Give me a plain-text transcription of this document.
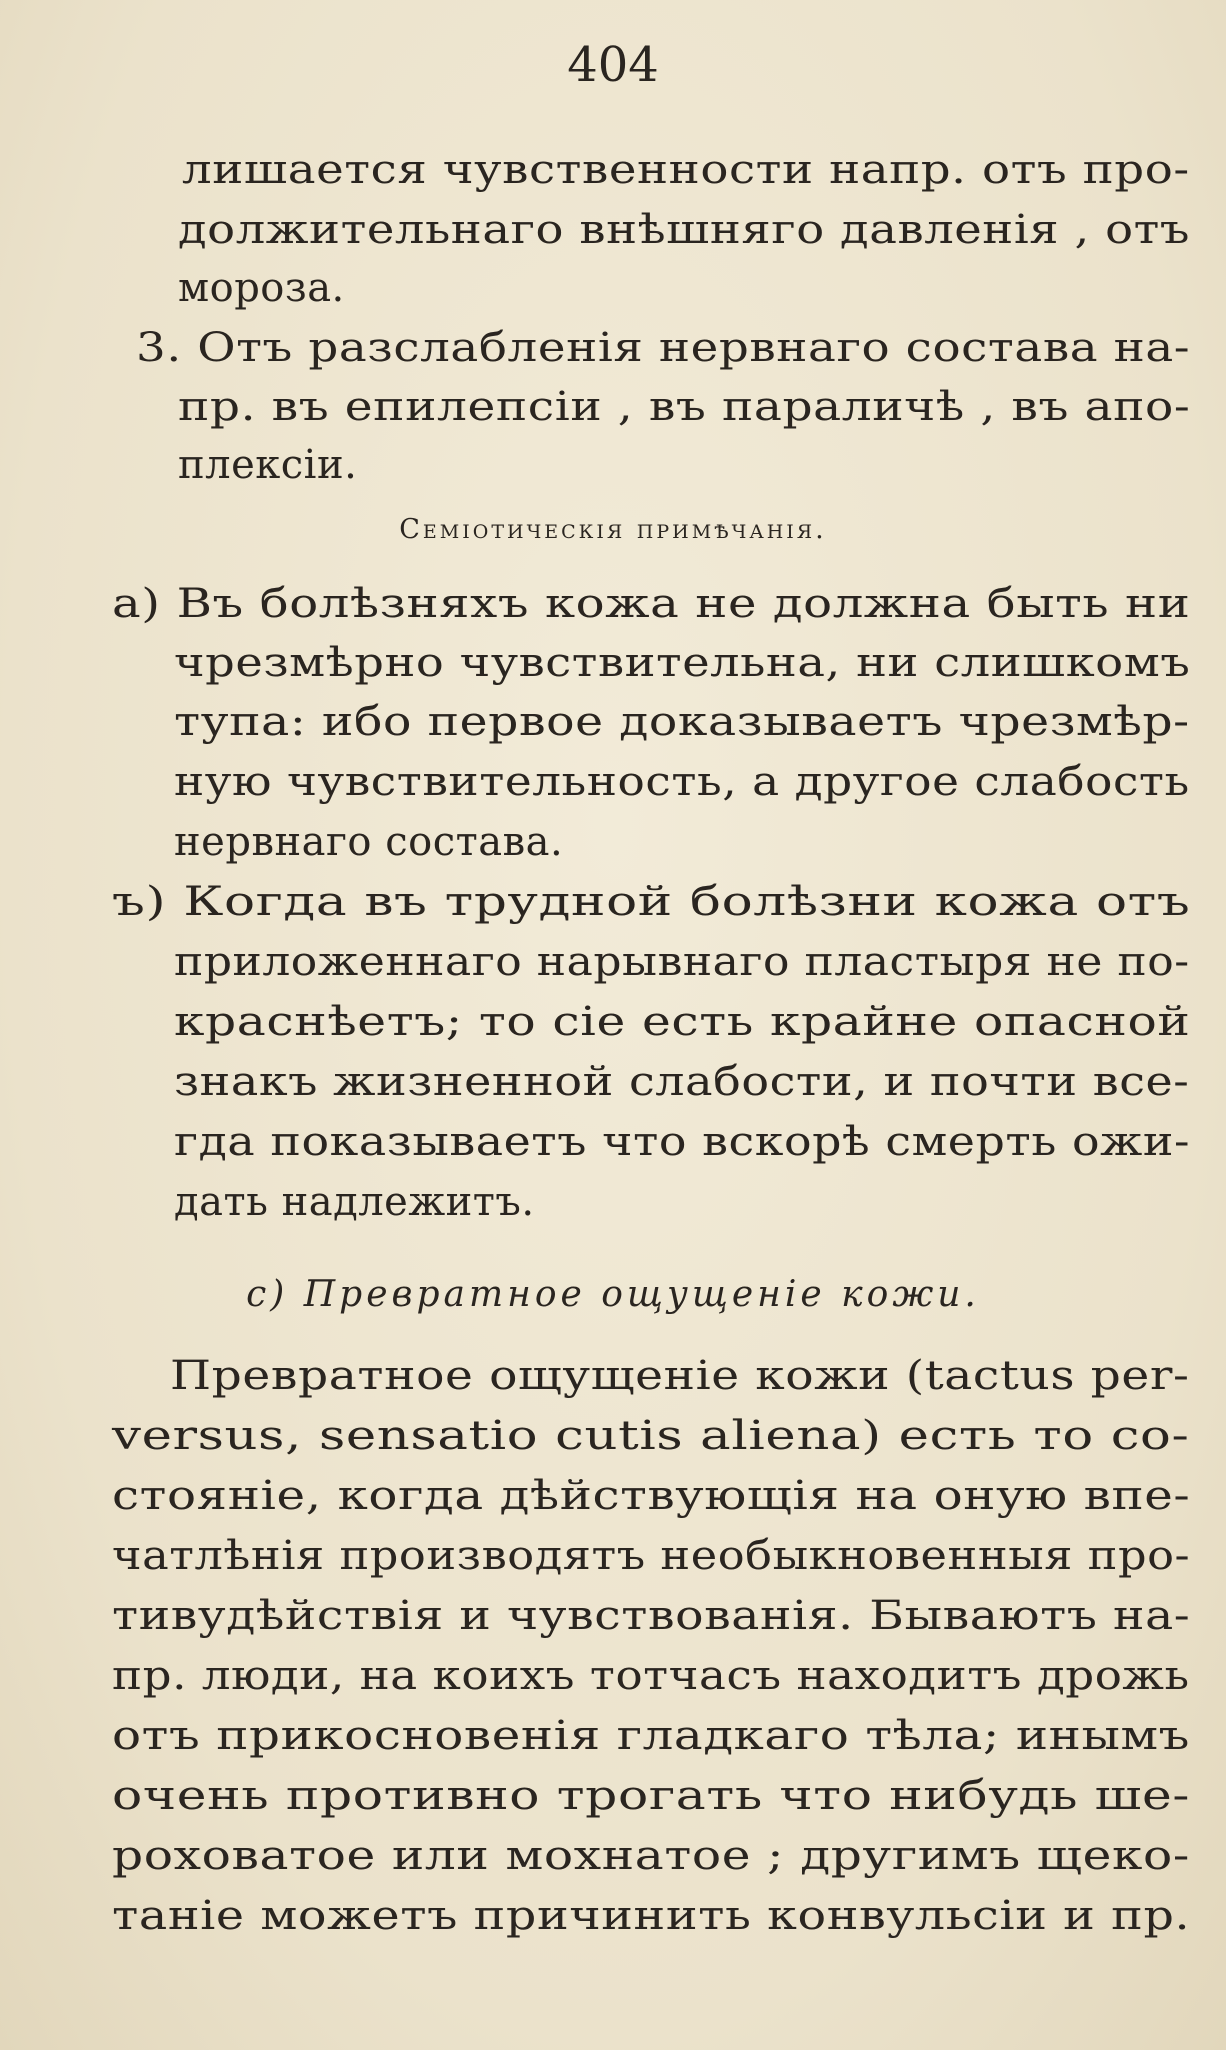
404
лишается чувственности напр. отъ про-
должительнаго внѣшняго давленія , отъ
мороза.
3. Отъ разслабленія нервнаго состава на-
пр. въ епилепсіи , въ параличѣ , въ апо-
плексіи.
Семіотическія примѣчанія.
a) Въ болѣзняхъ кожа не должна быть ни
чрезмѣрно чувствительна, ни слишкомъ
тупа: ибо первое доказываетъ чрезмѣр-
ную чувствительность, а другое слабость
нервнаго состава.
ъ) Когда въ трудной болѣзни кожа отъ
приложеннаго нарывнаго пластыря не по-
краснѣетъ; то сіе есть крайне опасной
знакъ жизненной слабости, и почти все-
гда показываетъ что вскорѣ смерть ожи-
дать надлежитъ.
c) Превратное ощущеніе кожи.
Превратное ощущеніе кожи (tactus per-
versus, sensatio cutis aliena) есть то со-
стояніе, когда дѣйствующія на оную впе-
чатлѣнія производятъ необыкновенныя про-
тивудѣйствія и чувствованія. Бываютъ на-
пр. люди, на коихъ тотчасъ находитъ дрожь
отъ прикосновенія гладкаго тѣла; инымъ
очень противно трогать что нибудь ше-
роховатое или мохнатое ; другимъ щеко-
таніе можетъ причинить конвульсіи и пр.
